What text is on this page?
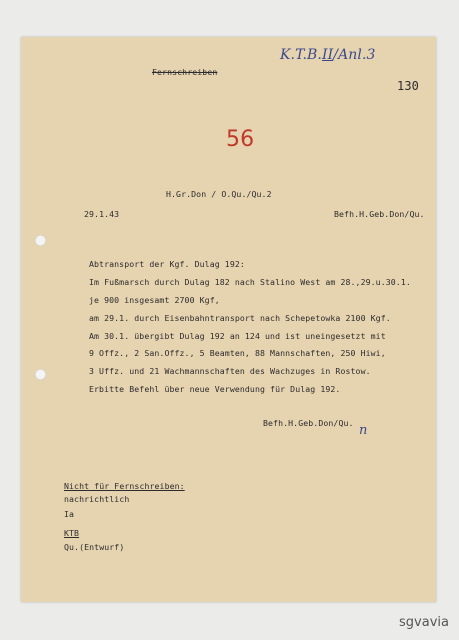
K.T.B.II/Anl.3
130
Fernschreiben
56
H.Gr.Don / O.Qu./Qu.2
29.1.43	Befh.H.Geb.Don/Qu.
Abtransport der Kgf. Dulag 192:
Im Fußmarsch durch Dulag 182 nach Stalino West am 28.,29.u.30.1.
je 900 insgesamt 2700 Kgf,
am 29.1. durch Eisenbahntransport nach Schepetowka 2100 Kgf.
Am 30.1. übergibt Dulag 192 an 124 und ist uneingesetzt mit
9 Offz., 2 San.Offz., 5 Beamten, 88 Mannschaften, 250 Hiwi,
3 Uffz. und 21 Wachmannschaften des Wachzuges in Rostow.
Erbitte Befehl über neue Verwendung für Dulag 192.
Befh.H.Geb.Don/Qu. n
Nicht für Fernschreiben:
nachrichtlich
Ia
KTB
Qu.(Entwurf)
sgvavia
